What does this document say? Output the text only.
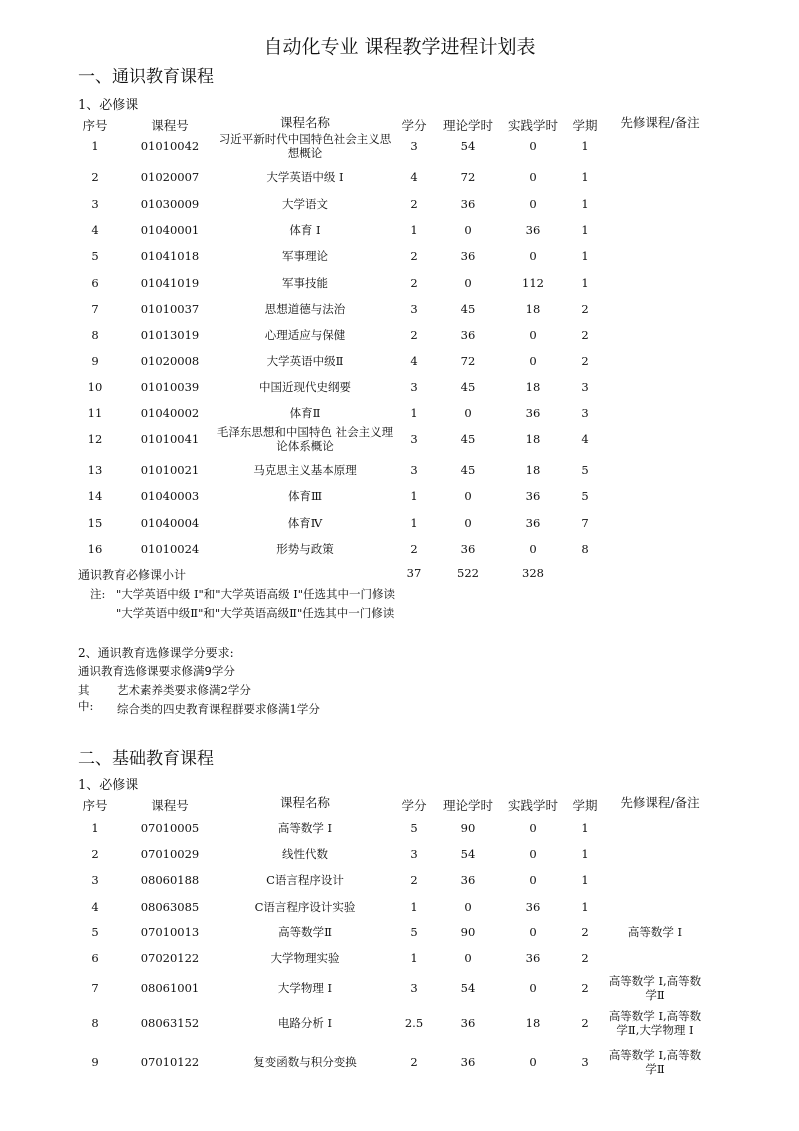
自动化专业 课程教学进程计划表
一、通识教育课程
1、必修课
序号	课程号	课程名称	学分	理论学时	实践学时	学期	先修课程/备注
1	01010042	习近平新时代中国特色社会主义思想概论	3	54	0	1
2	01020007	大学英语中级 Ⅰ	4	72	0	1
3	01030009	大学语文	2	36	0	1
4	01040001	体育 Ⅰ	1	0	36	1
5	01041018	军事理论	2	36	0	1
6	01041019	军事技能	2	0	112	1
7	01010037	思想道德与法治	3	45	18	2
8	01013019	心理适应与保健	2	36	0	2
9	01020008	大学英语中级Ⅱ	4	72	0	2
10	01010039	中国近现代史纲要	3	45	18	3
11	01040002	体育Ⅱ	1	0	36	3
12	01010041	毛泽东思想和中国特色 社会主义理论体系概论	3	45	18	4
13	01010021	马克思主义基本原理	3	45	18	5
14	01040003	体育Ⅲ	1	0	36	5
15	01040004	体育Ⅳ	1	0	36	7
16	01010024	形势与政策	2	36	0	8
通识教育必修课小计	37	522	328
注: "大学英语中级 Ⅰ"和"大学英语高级 Ⅰ"任选其中一门修读
"大学英语中级Ⅱ"和"大学英语高级Ⅱ"任选其中一门修读
2、通识教育选修课学分要求:
通识教育选修课要求修满9学分
其
中:
艺术素养类要求修满2学分
综合类的四史教育课程群要求修满1学分
二、基础教育课程
1、必修课
序号	课程号	课程名称	学分	理论学时	实践学时	学期	先修课程/备注
1	07010005	高等数学 Ⅰ	5	90	0	1
2	07010029	线性代数	3	54	0	1
3	08060188	C语言程序设计	2	36	0	1
4	08063085	C语言程序设计实验	1	0	36	1
5	07010013	高等数学Ⅱ	5	90	0	2	高等数学 Ⅰ
6	07020122	大学物理实验	1	0	36	2
7	08061001	大学物理 Ⅰ	3	54	0	2	高等数学 Ⅰ,高等数学Ⅱ
8	08063152	电路分析 Ⅰ	2.5	36	18	2	高等数学 Ⅰ,高等数学Ⅱ,大学物理 Ⅰ
9	07010122	复变函数与积分变换	2	36	0	3	高等数学 Ⅰ,高等数学Ⅱ
